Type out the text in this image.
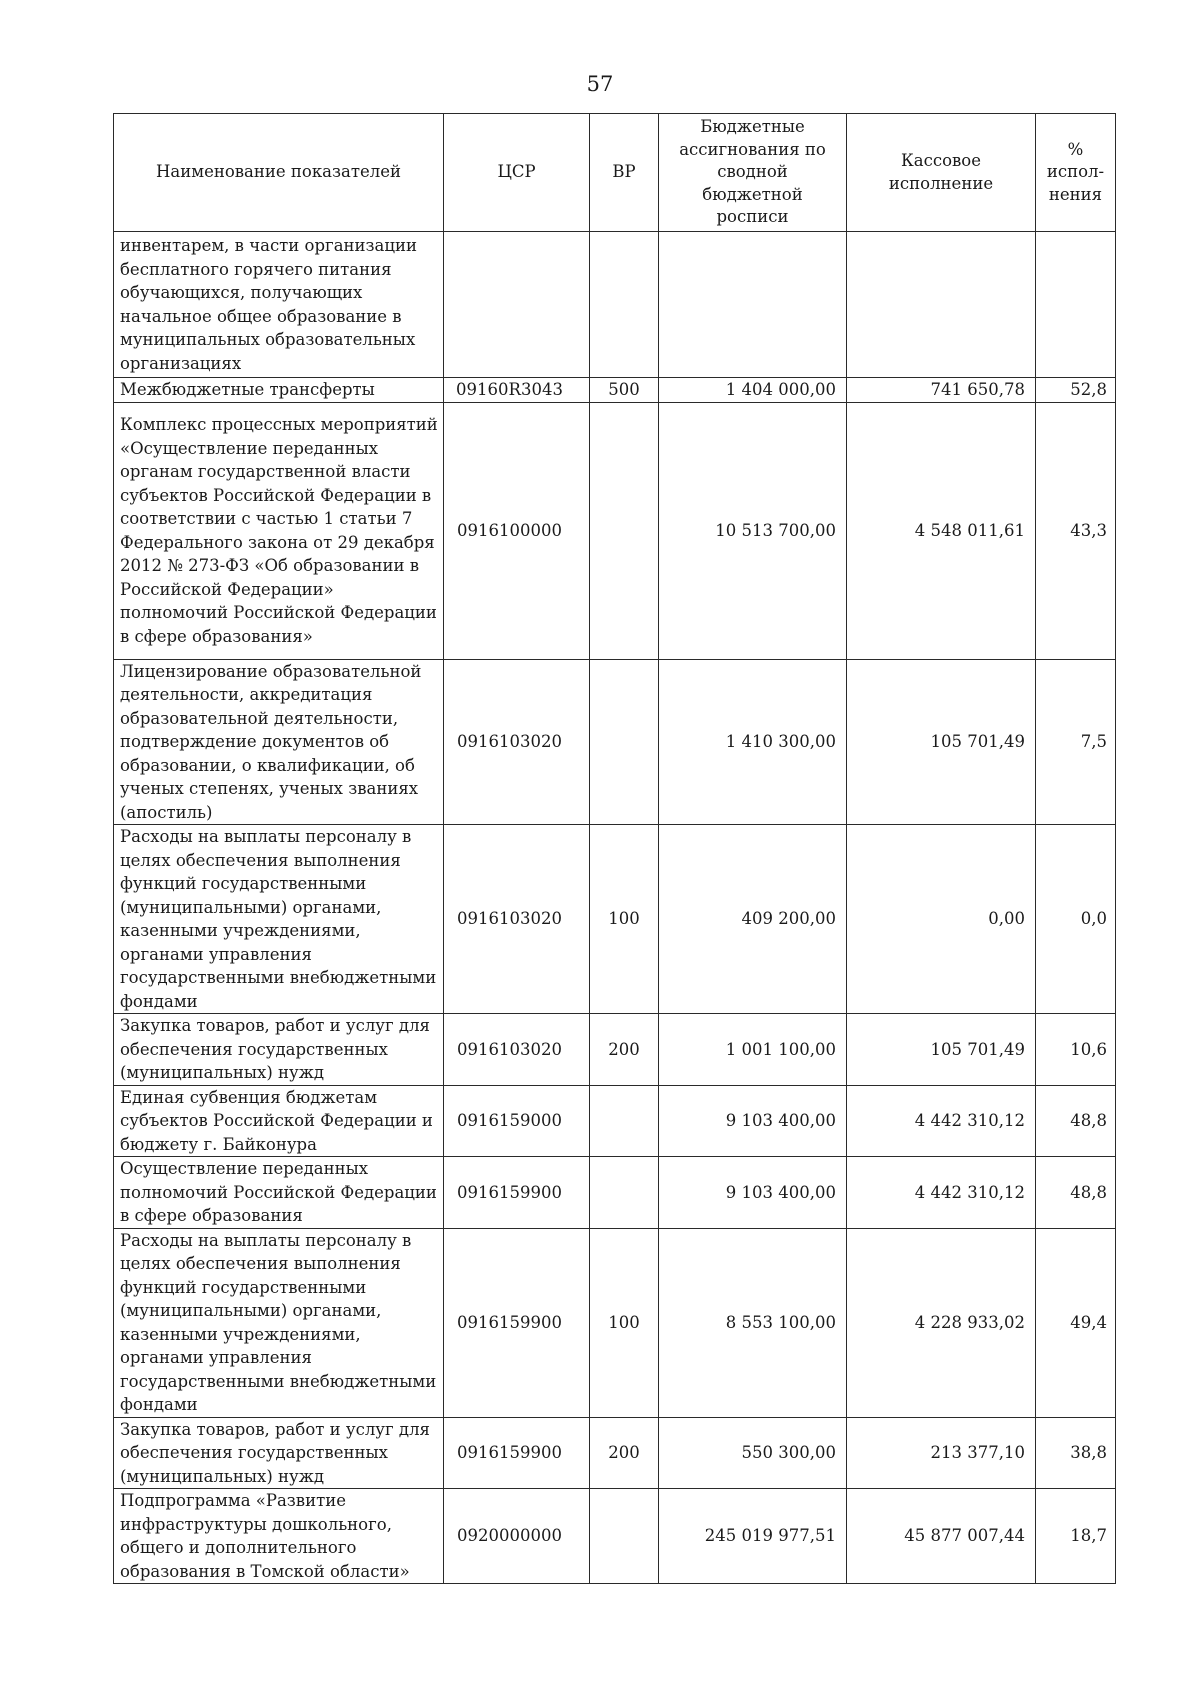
57
Наименование показателей	ЦСР	ВР	Бюджетные ассигнования по сводной бюджетной росписи	Кассовое исполнение	% испол-нения
инвентарем, в части организации бесплатного горячего питания обучающихся, получающих начальное общее образование в муниципальных образовательных организациях					
Межбюджетные трансферты	09160R3043	500	1 404 000,00	741 650,78	52,8
Комплекс процессных мероприятий «Осуществление переданных органам государственной власти субъектов Российской Федерации в соответствии с частью 1 статьи 7 Федерального закона от 29 декабря 2012 № 273-ФЗ «Об образовании в Российской Федерации» полномочий Российской Федерации в сфере образования»	0916100000		10 513 700,00	4 548 011,61	43,3
Лицензирование образовательной деятельности, аккредитация образовательной деятельности, подтверждение документов об образовании, о квалификации, об ученых степенях, ученых званиях (апостиль)	0916103020		1 410 300,00	105 701,49	7,5
Расходы на выплаты персоналу в целях обеспечения выполнения функций государственными (муниципальными) органами, казенными учреждениями, органами управления государственными внебюджетными фондами	0916103020	100	409 200,00	0,00	0,0
Закупка товаров, работ и услуг для обеспечения государственных (муниципальных) нужд	0916103020	200	1 001 100,00	105 701,49	10,6
Единая субвенция бюджетам субъектов Российской Федерации и бюджету г. Байконура	0916159000		9 103 400,00	4 442 310,12	48,8
Осуществление переданных полномочий Российской Федерации в сфере образования	0916159900		9 103 400,00	4 442 310,12	48,8
Расходы на выплаты персоналу в целях обеспечения выполнения функций государственными (муниципальными) органами, казенными учреждениями, органами управления государственными внебюджетными фондами	0916159900	100	8 553 100,00	4 228 933,02	49,4
Закупка товаров, работ и услуг для обеспечения государственных (муниципальных) нужд	0916159900	200	550 300,00	213 377,10	38,8
Подпрограмма «Развитие инфраструктуры дошкольного, общего и дополнительного образования в Томской области»	0920000000		245 019 977,51	45 877 007,44	18,7
